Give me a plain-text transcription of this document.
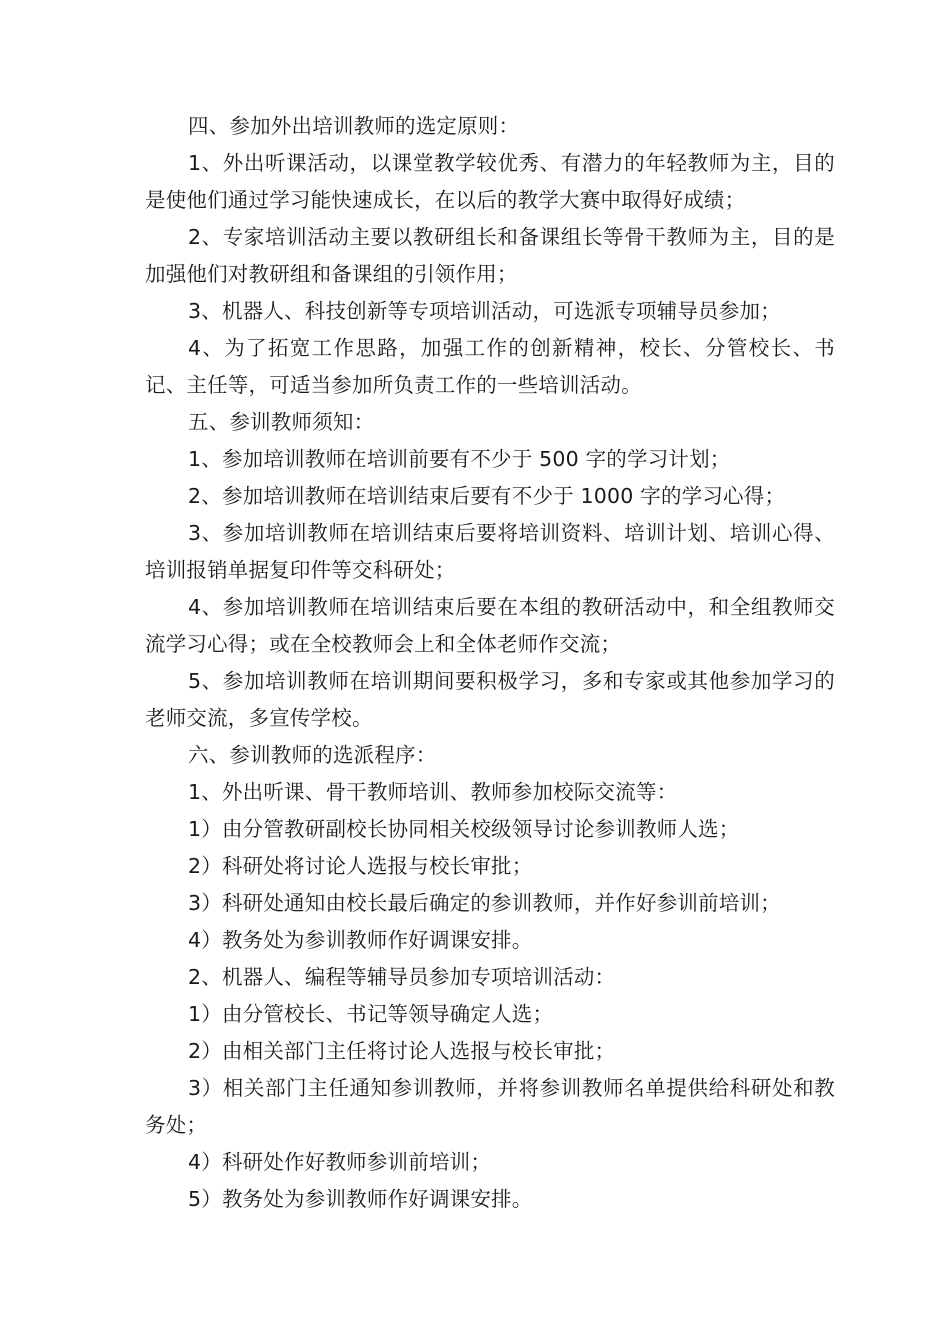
四、参加外出培训教师的选定原则：

1、外出听课活动，以课堂教学较优秀、有潜力的年轻教师为主，目的是使他们通过学习能快速成长，在以后的教学大赛中取得好成绩；

2、专家培训活动主要以教研组长和备课组长等骨干教师为主，目的是加强他们对教研组和备课组的引领作用；

3、机器人、科技创新等专项培训活动，可选派专项辅导员参加；

4、为了拓宽工作思路，加强工作的创新精神，校长、分管校长、书记、主任等，可适当参加所负责工作的一些培训活动。

五、参训教师须知：

1、参加培训教师在培训前要有不少于 500 字的学习计划；

2、参加培训教师在培训结束后要有不少于 1000 字的学习心得；

3、参加培训教师在培训结束后要将培训资料、培训计划、培训心得、培训报销单据复印件等交科研处；

4、参加培训教师在培训结束后要在本组的教研活动中，和全组教师交流学习心得；或在全校教师会上和全体老师作交流；

5、参加培训教师在培训期间要积极学习，多和专家或其他参加学习的老师交流，多宣传学校。

六、参训教师的选派程序：

1、外出听课、骨干教师培训、教师参加校际交流等：

1）由分管教研副校长协同相关校级领导讨论参训教师人选；

2）科研处将讨论人选报与校长审批；

3）科研处通知由校长最后确定的参训教师，并作好参训前培训；

4）教务处为参训教师作好调课安排。

2、机器人、编程等辅导员参加专项培训活动：

1）由分管校长、书记等领导确定人选；

2）由相关部门主任将讨论人选报与校长审批；

3）相关部门主任通知参训教师，并将参训教师名单提供给科研处和教务处；

4）科研处作好教师参训前培训；

5）教务处为参训教师作好调课安排。
